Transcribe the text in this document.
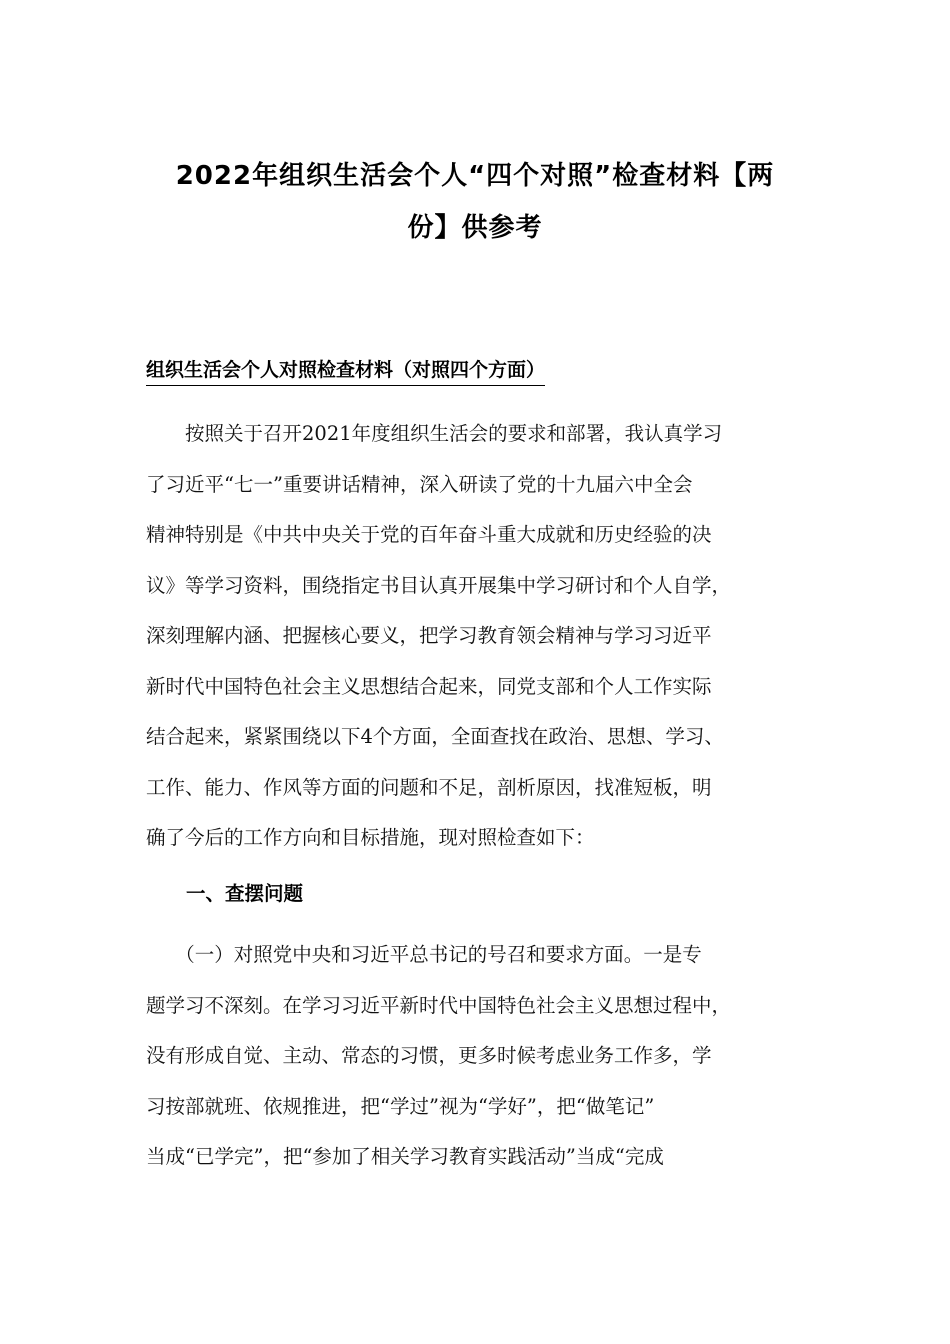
2022年组织生活会个人“四个对照”检查材料【两
份】供参考
组织生活会个人对照检查材料（对照四个方面）
　　按照关于召开2021年度组织生活会的要求和部署，我认真学习
了习近平“七一”重要讲话精神，深入研读了党的十九届六中全会
精神特别是《中共中央关于党的百年奋斗重大成就和历史经验的决
议》等学习资料，围绕指定书目认真开展集中学习研讨和个人自学，
深刻理解内涵、把握核心要义，把学习教育领会精神与学习习近平
新时代中国特色社会主义思想结合起来，同党支部和个人工作实际
结合起来，紧紧围绕以下4个方面，全面查找在政治、思想、学习、
工作、能力、作风等方面的问题和不足，剖析原因，找准短板，明
确了今后的工作方向和目标措施，现对照检查如下：
一、查摆问题
　　（一）对照党中央和习近平总书记的号召和要求方面。一是专
题学习不深刻。在学习习近平新时代中国特色社会主义思想过程中，
没有形成自觉、主动、常态的习惯，更多时候考虑业务工作多，学
习按部就班、依规推进，把“学过”视为“学好”，把“做笔记”
当成“已学完”，把“参加了相关学习教育实践活动”当成“完成
